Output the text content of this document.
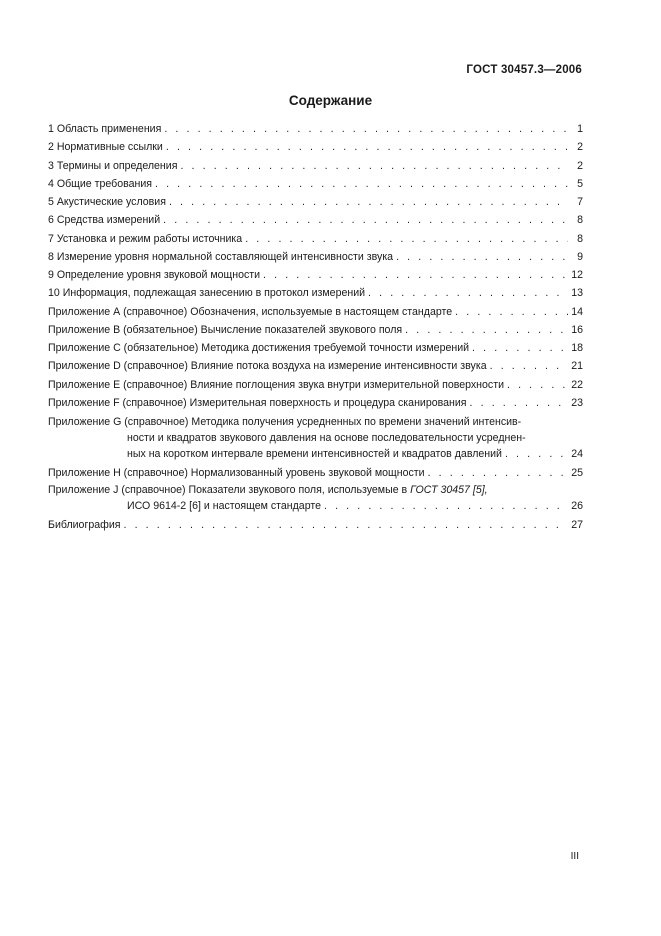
ГОСТ 30457.3—2006
Содержание
1 Область применения . . .	1
2 Нормативные ссылки . . .	2
3 Термины и определения . . .	2
4 Общие требования . . .	5
5 Акустические условия . . .	7
6 Средства измерений . . .	8
7 Установка и режим работы источника . . .	8
8 Измерение уровня нормальной составляющей интенсивности звука . . .	9
9 Определение уровня звуковой мощности . . .	12
10 Информация, подлежащая занесению в протокол измерений . . .	13
Приложение А (справочное) Обозначения, используемые в настоящем стандарте . . .	14
Приложение В (обязательное) Вычисление показателей звукового поля . . .	16
Приложение С (обязательное) Методика достижения требуемой точности измерений . . .	18
Приложение D (справочное) Влияние потока воздуха на измерение интенсивности звука . . .	21
Приложение Е (справочное) Влияние поглощения звука внутри измерительной поверхности . . .	22
Приложение F (справочное) Измерительная поверхность и процедура сканирования . . .	23
Приложение G (справочное) Методика получения усредненных по времени значений интенсив-
ности и квадратов звукового давления на основе последовательности усреднен-
ных на коротком интервале времени интенсивностей и квадратов давлений . . .	24
Приложение Н (справочное) Нормализованный уровень звуковой мощности . . .	25
Приложение J (справочное) Показатели звукового поля, используемые в ГОСТ 30457 [5],
ИСО 9614-2 [6] и настоящем стандарте . . .	26
Библиография . . .	27
III
